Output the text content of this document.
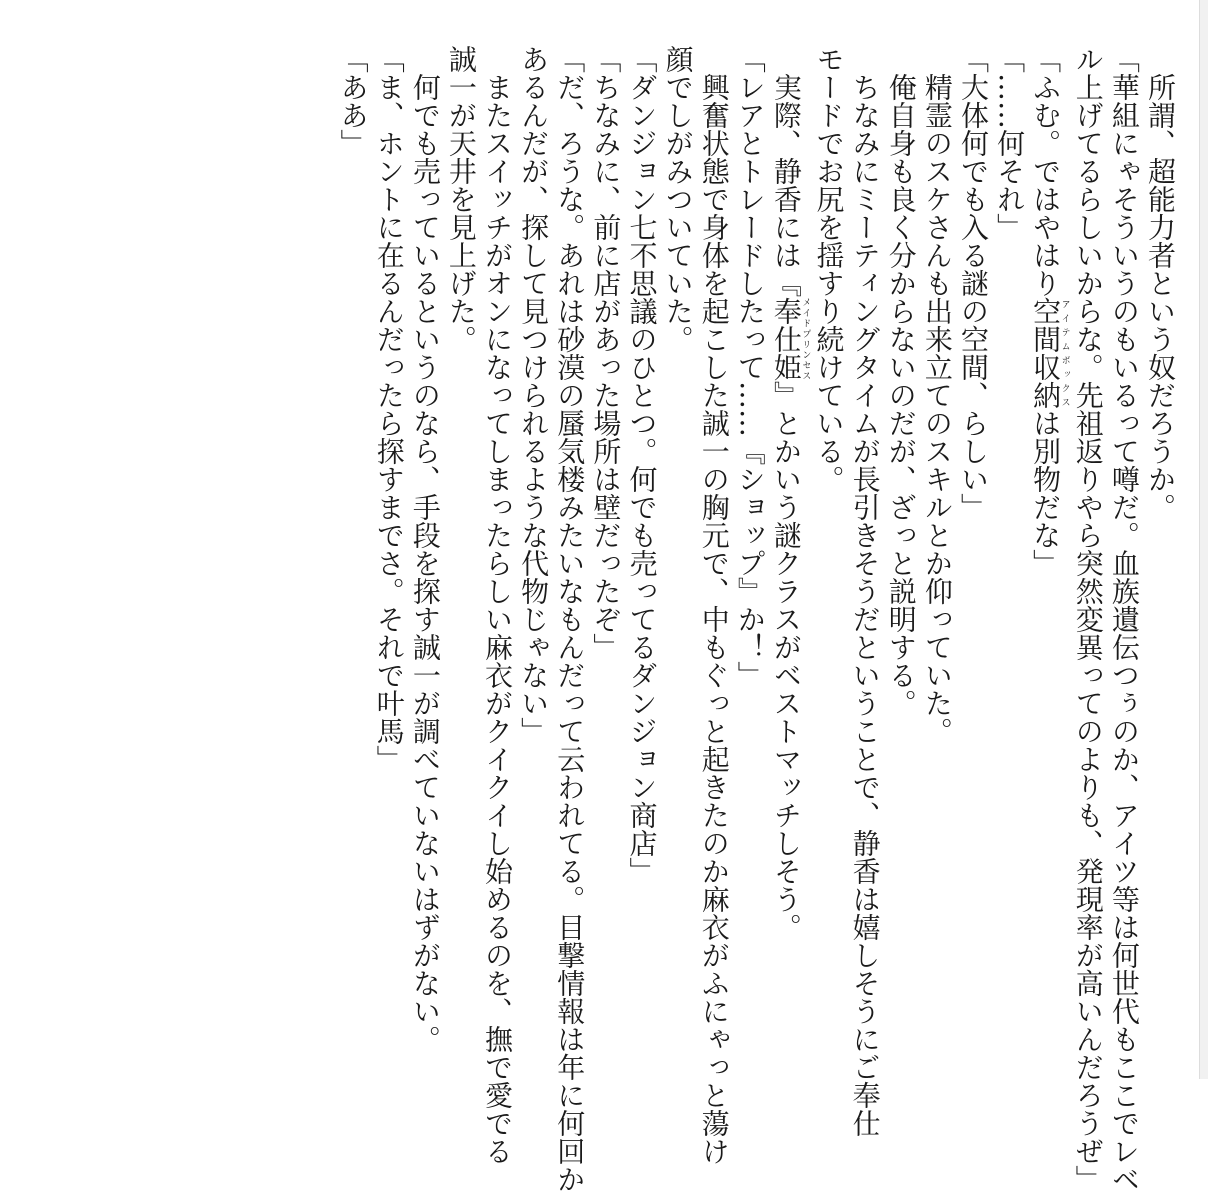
所謂、超能力者という奴だろうか。
「華組にゃそういうのもいるって噂だ。血族遺伝つぅのか、アイツ等は何世代もここでレベ
ル上げてるらしいからな。先祖返りやら突然変異ってのよりも、発現率が高いんだろうぜ」
「ふむ。ではやはり空間収納アイテムボックスは別物だな」
「……何それ」
「大体何でも入る謎の空間、らしい」
精霊のスケさんも出来立てのスキルとか仰っていた。
俺自身も良く分からないのだが、ざっと説明する。
ちなみにミーティングタイムが長引きそうだということで、静香は嬉しそうにご奉仕
モードでお尻を揺すり続けている。
実際、静香には『奉仕姫メイドプリンセス』とかいう謎クラスがベストマッチしそう。
「レアとトレードしたって……『ショップ』か！」
興奮状態で身体を起こした誠一の胸元で、中もぐっと起きたのか麻衣がふにゃっと蕩け
顔でしがみついていた。
「ダンジョン七不思議のひとつ。何でも売ってるダンジョン商店」
「ちなみに、前に店があった場所は壁だったぞ」
「だ、ろうな。あれは砂漠の蜃気楼みたいなもんだって云われてる。目撃情報は年に何回か
あるんだが、探して見つけられるような代物じゃない」
またスイッチがオンになってしまったらしい麻衣がクイクイし始めるのを、撫で愛でる
誠一が天井を見上げた。
何でも売っているというのなら、手段を探す誠一が調べていないはずがない。
「ま、ホントに在るんだったら探すまでさ。それで叶馬」
「ああ」
